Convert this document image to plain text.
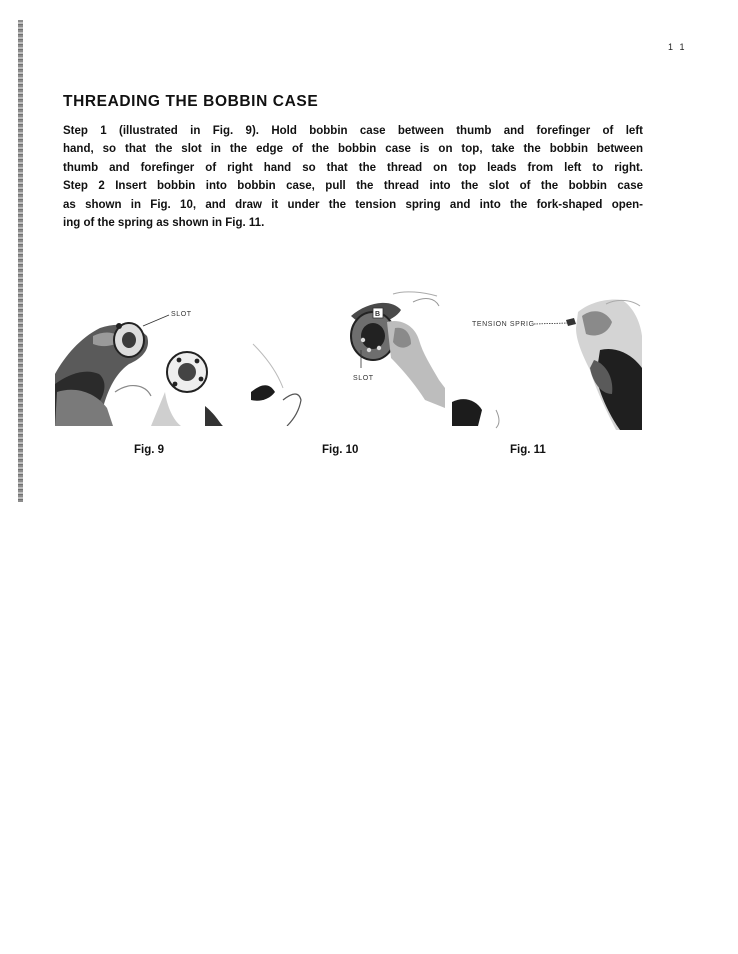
1 1
THREADING THE BOBBIN CASE
Step 1 (illustrated in Fig. 9). Hold bobbin case between thumb and forefinger of left
hand, so that the slot in the edge of the bobbin case is on top, take the bobbin between
thumb and forefinger of right hand so that the thread on top leads from left to right.
Step 2 Insert bobbin into bobbin case, pull the thread into the slot of the bobbin case
as shown in Fig. 10, and draw it under the tension spring and into the fork-shaped open-
ing of the spring as shown in Fig. 11.
SLOT	B
SLOT
TENSION SPRIG
Fig. 9	Fig. 10	Fig. 11
